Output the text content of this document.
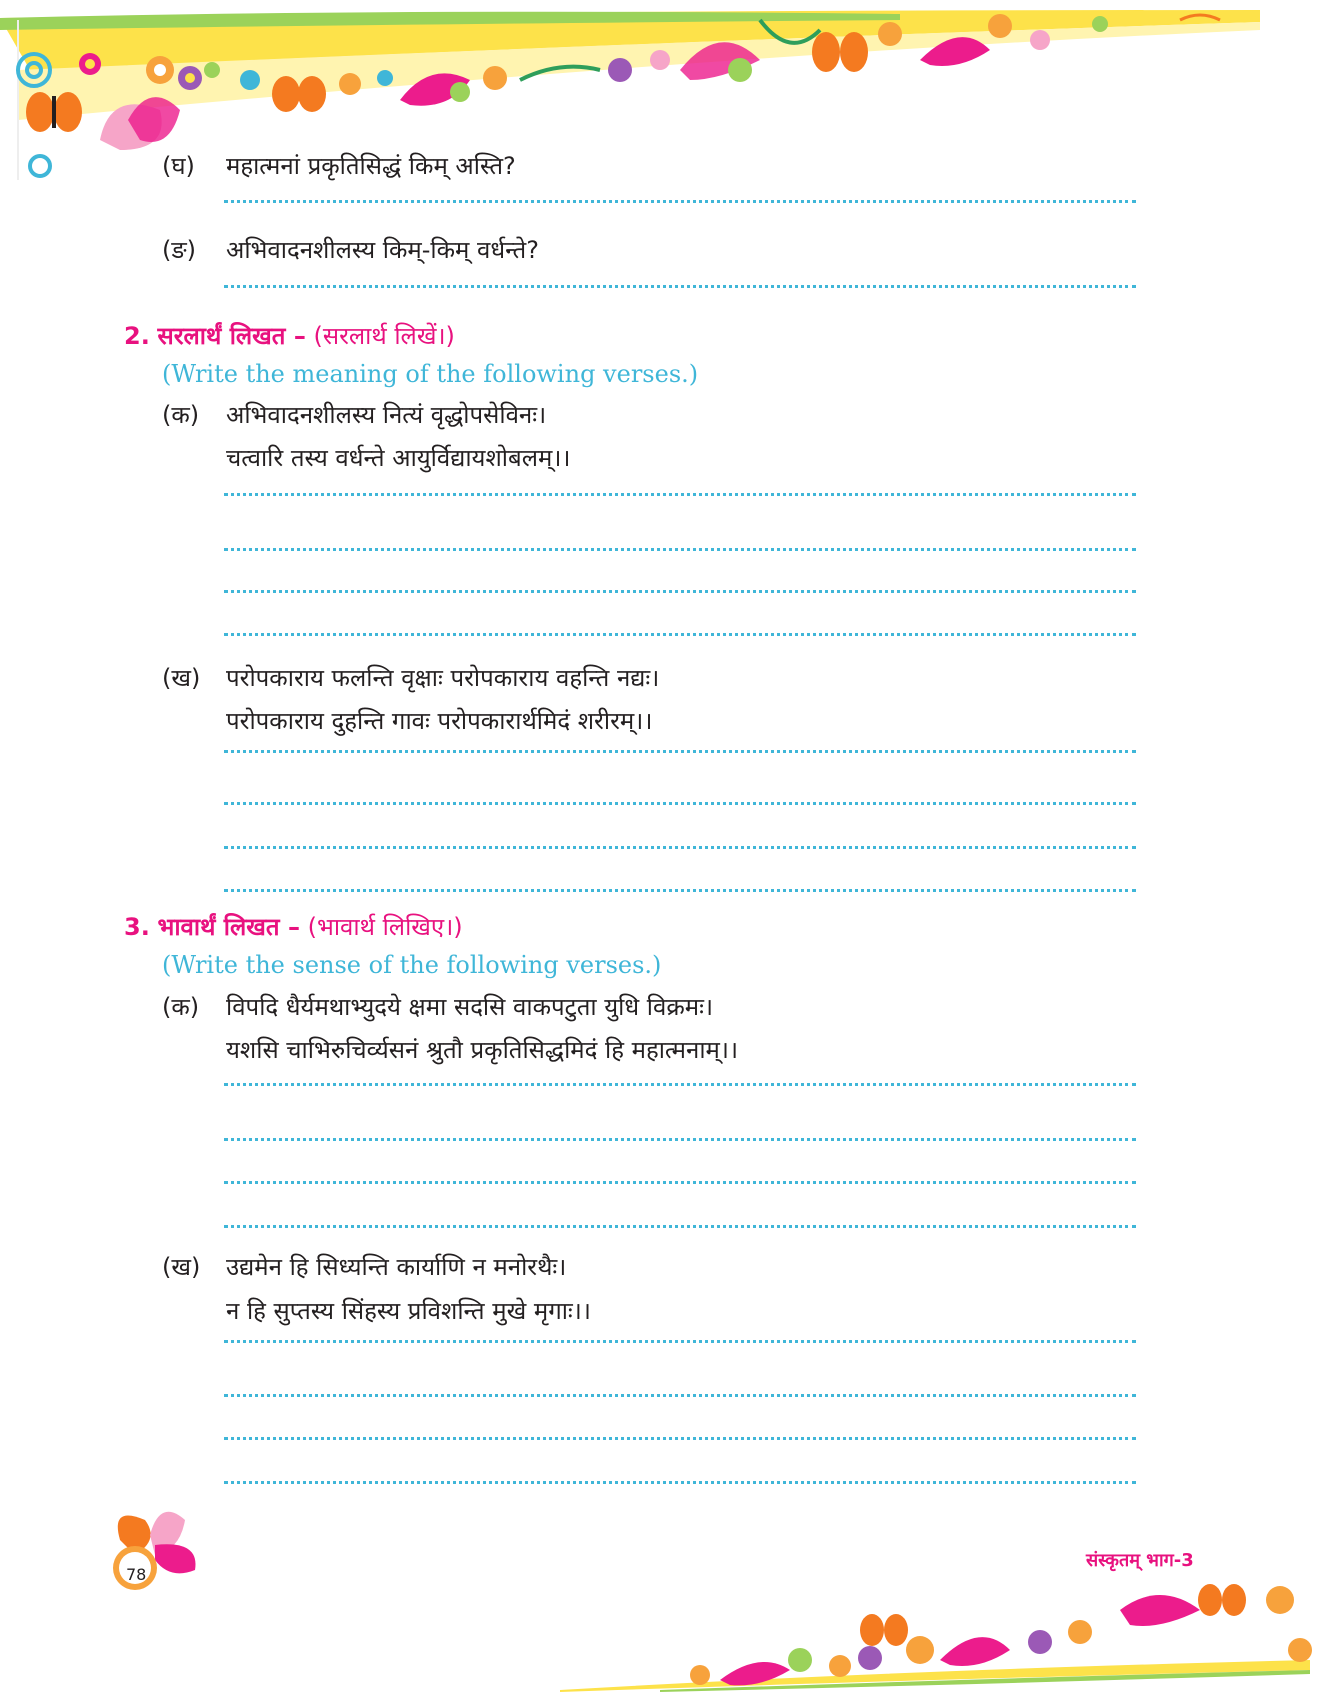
(घ) महात्मनां प्रकृतिसिद्धं किम् अस्ति?
(ङ) अभिवादनशीलस्य किम्-किम् वर्धन्ते?
2. सरलार्थं लिखत – (सरलार्थ लिखें।)
(Write the meaning of the following verses.)
(क) अभिवादनशीलस्य नित्यं वृद्धोपसेविनः।
चत्वारि तस्य वर्धन्ते आयुर्विद्यायशोबलम्।।
(ख) परोपकाराय फलन्ति वृक्षाः परोपकाराय वहन्ति नद्यः।
परोपकाराय दुहन्ति गावः परोपकारार्थमिदं शरीरम्।।
3. भावार्थं लिखत – (भावार्थ लिखिए।)
(Write the sense of the following verses.)
(क) विपदि धैर्यमथाभ्युदये क्षमा सदसि वाकपटुता युधि विक्रमः।
यशसि चाभिरुचिर्व्यसनं श्रुतौ प्रकृतिसिद्धमिदं हि महात्मनाम्।।
(ख) उद्यमेन हि सिध्यन्ति कार्याणि न मनोरथैः।
न हि सुप्तस्य सिंहस्य प्रविशन्ति मुखे मृगाः।।
78
संस्कृतम् भाग-3
